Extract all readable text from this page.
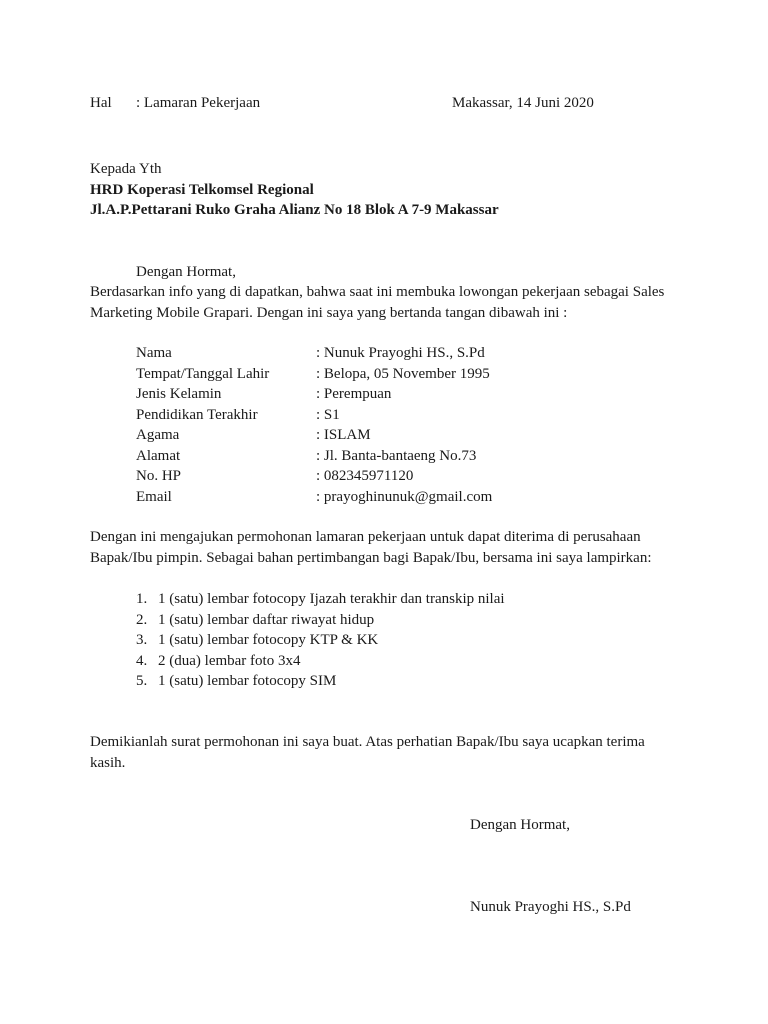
Hal : Lamaran Pekerjaan	Makassar, 14 Juni 2020
Kepada Yth
HRD Koperasi Telkomsel Regional
Jl.A.P.Pettarani Ruko Graha Alianz No 18 Blok A 7-9 Makassar
Dengan Hormat,
Berdasarkan info yang di dapatkan, bahwa saat ini membuka lowongan pekerjaan sebagai Sales Marketing Mobile Grapari. Dengan ini saya yang bertanda tangan dibawah ini :
Nama	: Nunuk Prayoghi HS., S.Pd
Tempat/Tanggal Lahir	: Belopa, 05 November 1995
Jenis Kelamin	: Perempuan
Pendidikan Terakhir	: S1
Agama	: ISLAM
Alamat	: Jl. Banta-bantaeng No.73
No. HP	: 082345971120
Email	: prayoghinunuk@gmail.com
Dengan ini mengajukan permohonan lamaran pekerjaan untuk dapat diterima di perusahaan Bapak/Ibu pimpin. Sebagai bahan pertimbangan bagi Bapak/Ibu, bersama ini saya lampirkan:
1. 1 (satu) lembar fotocopy Ijazah terakhir dan transkip nilai
2. 1 (satu) lembar daftar riwayat hidup
3. 1 (satu) lembar fotocopy KTP & KK
4. 2 (dua) lembar foto 3x4
5. 1 (satu) lembar fotocopy SIM
Demikianlah surat permohonan ini saya buat. Atas perhatian Bapak/Ibu saya ucapkan terima kasih.
Dengan Hormat,
Nunuk Prayoghi HS., S.Pd
